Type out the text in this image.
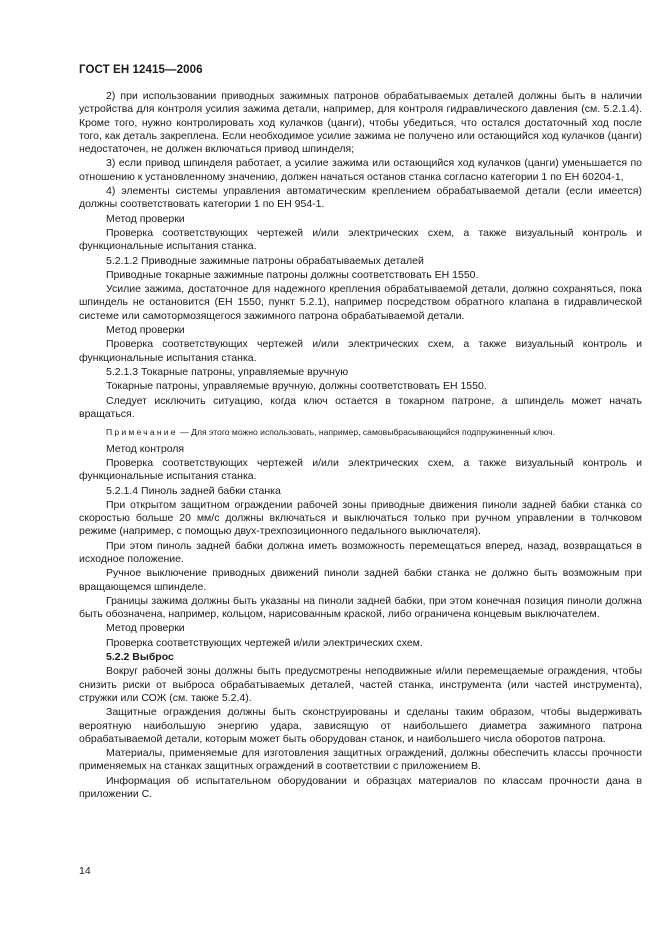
ГОСТ ЕН 12415—2006

2) при использовании приводных зажимных патронов обрабатываемых деталей должны быть в наличии устройства для контроля усилия зажима детали, например, для контроля гидравлического давления (см. 5.2.1.4). Кроме того, нужно контролировать ход кулачков (цанги), чтобы убедиться, что остался достаточный ход после того, как деталь закреплена. Если необходимое усилие зажима не получено или остающийся ход кулачков (цанги) недостаточен, не должен включаться привод шпинделя;

3) если привод шпинделя работает, а усилие зажима или остающийся ход кулачков (цанги) уменьшается по отношению к установленному значению, должен начаться останов станка согласно категории 1 по ЕН 60204-1,

4) элементы системы управления автоматическим креплением обрабатываемой детали (если имеется) должны соответствовать категории 1 по ЕН 954-1.

Метод проверки

Проверка соответствующих чертежей и/или электрических схем, а также визуальный контроль и функциональные испытания станка.

5.2.1.2 Приводные зажимные патроны обрабатываемых деталей

Приводные токарные зажимные патроны должны соответствовать ЕН 1550.

Усилие зажима, достаточное для надежного крепления обрабатываемой детали, должно сохраняться, пока шпиндель не остановится (ЕН 1550, пункт 5.2.1), например посредством обратного клапана в гидравлической системе или самотормозящегося зажимного патрона обрабатываемой детали.

Метод проверки

Проверка соответствующих чертежей и/или электрических схем, а также визуальный контроль и функциональные испытания станка.

5.2.1.3 Токарные патроны, управляемые вручную

Токарные патроны, управляемые вручную, должны соответствовать ЕН 1550.

Следует исключить ситуацию, когда ключ остается в токарном патроне, а шпиндель может начать вращаться.

Примечание — Для этого можно использовать, например, самовыбрасывающийся подпружиненный ключ.

Метод контроля

Проверка соответствующих чертежей и/или электрических схем, а также визуальный контроль и функциональные испытания станка.

5.2.1.4 Пиноль задней бабки станка

При открытом защитном ограждении рабочей зоны приводные движения пиноли задней бабки станка со скоростью больше 20 мм/с должны включаться и выключаться только при ручном управлении в толчковом режиме (например, с помощью двух-трехпозиционного педального выключателя).

При этом пиноль задней бабки должна иметь возможность перемещаться вперед, назад, возвращаться в исходное положение.

Ручное выключение приводных движений пиноли задней бабки станка не должно быть возможным при вращающемся шпинделе.

Границы зажима должны быть указаны на пиноли задней бабки, при этом конечная позиция пиноли должна быть обозначена, например, кольцом, нарисованным краской, либо ограничена концевым выключателем.

Метод проверки

Проверка соответствующих чертежей и/или электрических схем.

5.2.2 Выброс

Вокруг рабочей зоны должны быть предусмотрены неподвижные и/или перемещаемые ограждения, чтобы снизить риски от выброса обрабатываемых деталей, частей станка, инструмента (или частей инструмента), стружки или СОЖ (см. также 5.2.4).

Защитные ограждения должны быть сконструированы и сделаны таким образом, чтобы выдерживать вероятную наибольшую энергию удара, зависящую от наибольшего диаметра зажимного патрона обрабатываемой детали, которым может быть оборудован станок, и наибольшего числа оборотов патрона.

Материалы, применяемые для изготовления защитных ограждений, должны обеспечить классы прочности применяемых на станках защитных ограждений в соответствии с приложением В.

Информация об испытательном оборудовании и образцах материалов по классам прочности дана в приложении С.

14
